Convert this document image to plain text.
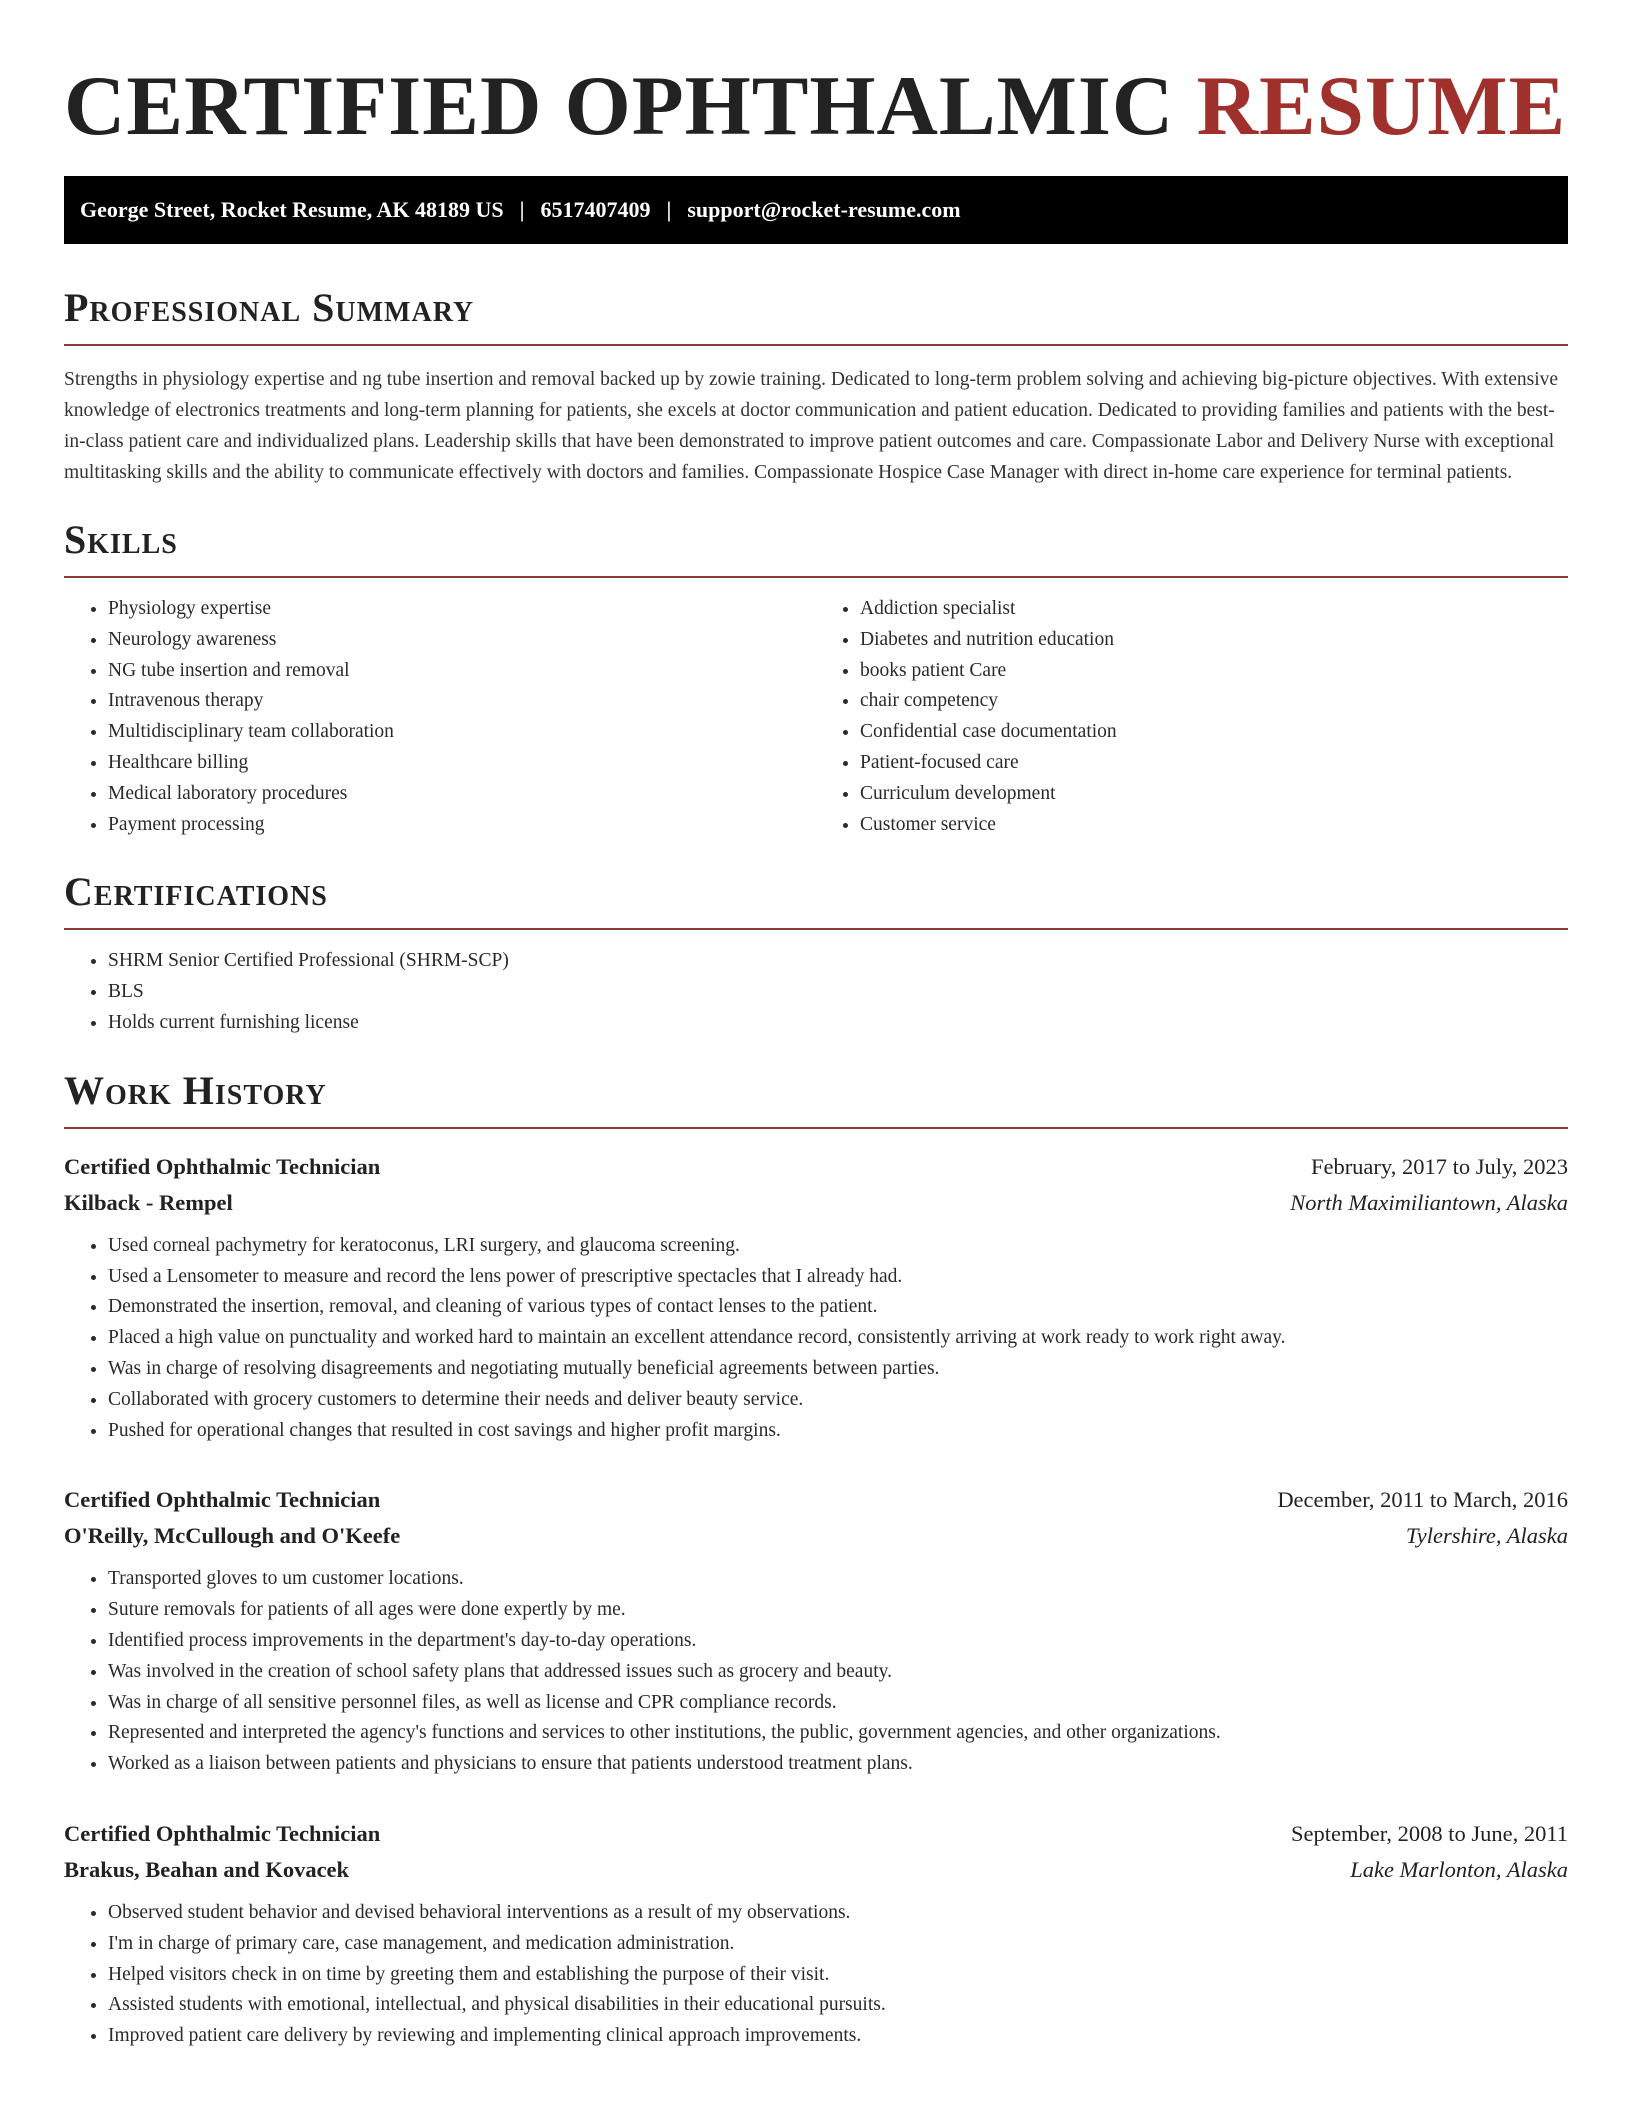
CERTIFIED OPHTHALMIC RESUME
George Street, Rocket Resume, AK 48189 US | 6517407409 | support@rocket-resume.com
Professional Summary

Strengths in physiology expertise and ng tube insertion and removal backed up by zowie training. Dedicated to long-term problem solving and achieving big-picture objectives. With extensive knowledge of electronics treatments and long-term planning for patients, she excels at doctor communication and patient education. Dedicated to providing families and patients with the best-in-class patient care and individualized plans. Leadership skills that have been demonstrated to improve patient outcomes and care. Compassionate Labor and Delivery Nurse with exceptional multitasking skills and the ability to communicate effectively with doctors and families. Compassionate Hospice Case Manager with direct in-home care experience for terminal patients.

Skills
• Physiology expertise
• Neurology awareness
• NG tube insertion and removal
• Intravenous therapy
• Multidisciplinary team collaboration
• Healthcare billing
• Medical laboratory procedures
• Payment processing
• Addiction specialist
• Diabetes and nutrition education
• books patient Care
• chair competency
• Confidential case documentation
• Patient-focused care
• Curriculum development
• Customer service
Certifications
• SHRM Senior Certified Professional (SHRM-SCP)
• BLS
• Holds current furnishing license
Work History
Certified Ophthalmic Technician	February, 2017 to July, 2023
Kilback - Rempel	North Maximiliantown, Alaska
• Used corneal pachymetry for keratoconus, LRI surgery, and glaucoma screening.
• Used a Lensometer to measure and record the lens power of prescriptive spectacles that I already had.
• Demonstrated the insertion, removal, and cleaning of various types of contact lenses to the patient.
• Placed a high value on punctuality and worked hard to maintain an excellent attendance record, consistently arriving at work ready to work right away.
• Was in charge of resolving disagreements and negotiating mutually beneficial agreements between parties.
• Collaborated with grocery customers to determine their needs and deliver beauty service.
• Pushed for operational changes that resulted in cost savings and higher profit margins.
Certified Ophthalmic Technician	December, 2011 to March, 2016
O'Reilly, McCullough and O'Keefe	Tylershire, Alaska
• Transported gloves to um customer locations.
• Suture removals for patients of all ages were done expertly by me.
• Identified process improvements in the department's day-to-day operations.
• Was involved in the creation of school safety plans that addressed issues such as grocery and beauty.
• Was in charge of all sensitive personnel files, as well as license and CPR compliance records.
• Represented and interpreted the agency's functions and services to other institutions, the public, government agencies, and other organizations.
• Worked as a liaison between patients and physicians to ensure that patients understood treatment plans.
Certified Ophthalmic Technician	September, 2008 to June, 2011
Brakus, Beahan and Kovacek	Lake Marlonton, Alaska
• Observed student behavior and devised behavioral interventions as a result of my observations.
• I'm in charge of primary care, case management, and medication administration.
• Helped visitors check in on time by greeting them and establishing the purpose of their visit.
• Assisted students with emotional, intellectual, and physical disabilities in their educational pursuits.
• Improved patient care delivery by reviewing and implementing clinical approach improvements.
